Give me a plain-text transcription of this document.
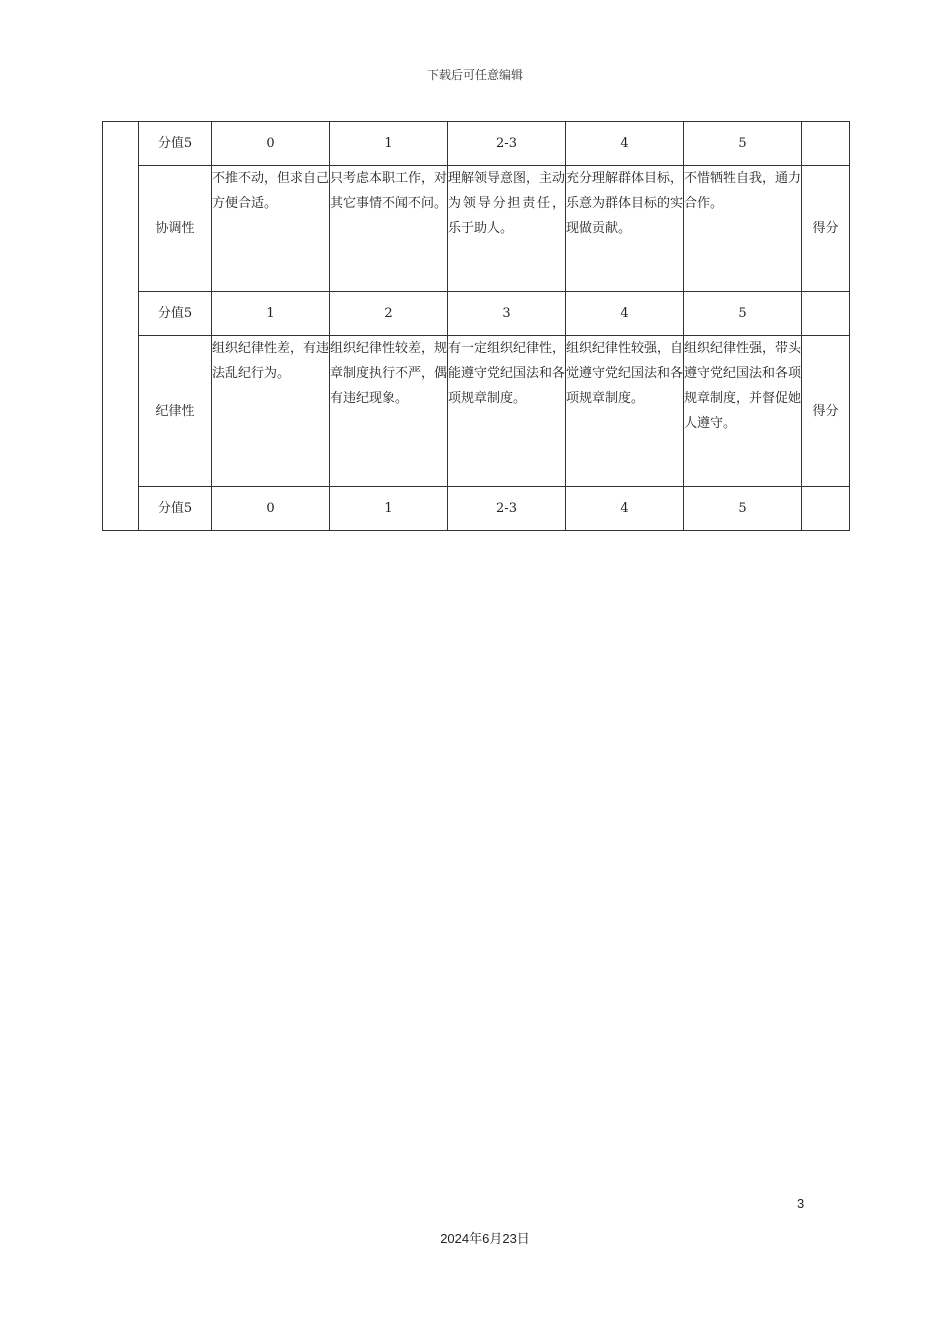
下载后可任意编辑
	分值5	0	1	2-3	4	5	
	协调性	不推不动，但求自己方便合适。	只考虑本职工作，对其它事情不闻不问。	理解领导意图，主动为领导分担责任， 乐于助人。	充分理解群体目标，乐意为群体目标的实现做贡献。	不惜牺牲自我，通力合作。	得分
	分值5	1	2	3	4	5	
	纪律性	组织纪律性差，有违法乱纪行为。	组织纪律性较差，规章制度执行不严，偶有违纪现象。	有一定组织纪律性，能遵守党纪国法和各项规章制度。	组织纪律性较强，自觉遵守党纪国法和各项规章制度。	组织纪律性强，带头遵守党纪国法和各项规章制度，并督促她人遵守。	得分
	分值5	0	1	2-3	4	5	
3
2024年6月23日
